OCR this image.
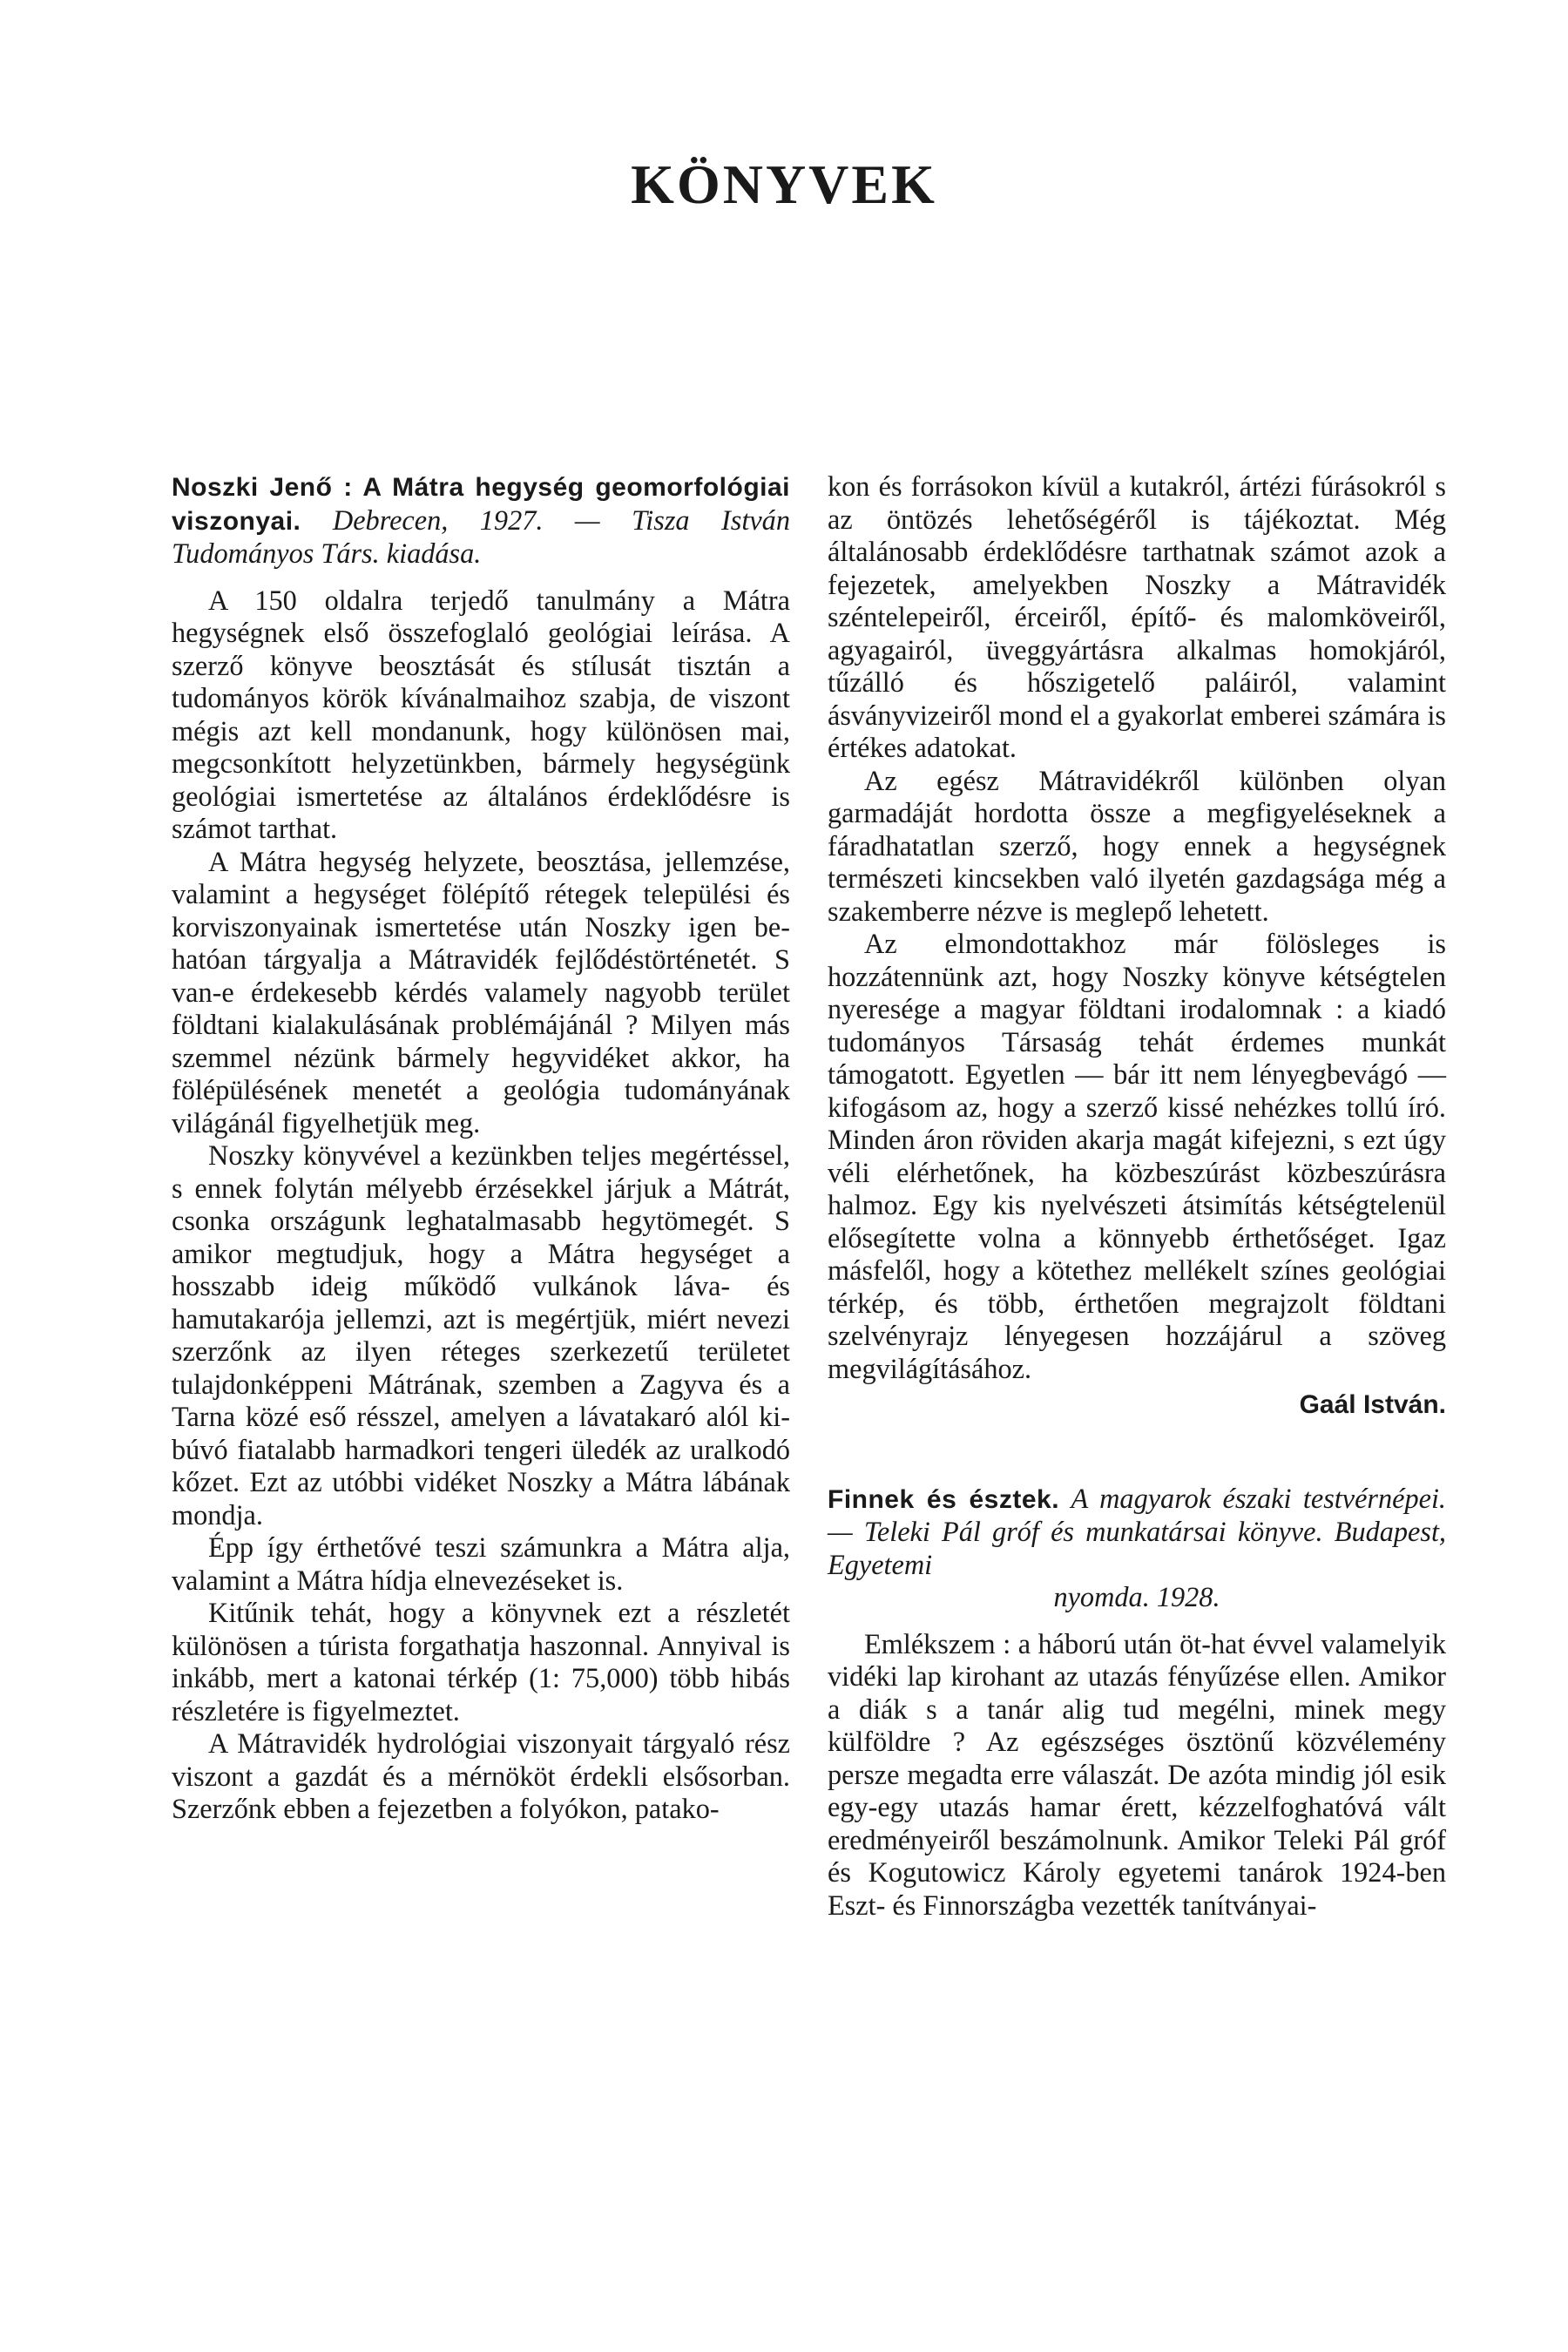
KÖNYVEK
Noszki Jenő : A Mátra hegység geomorfológiai viszonyai. Debrecen, 1927. — Tisza István Tudományos Társ. kiadása.

A 150 oldalra terjedő tanulmány a Mátra hegységnek első összefoglaló geológiai leírása. A szerző könyve beosztását és stílusát tisztán a tudományos körök kívánalmaihoz szabja, de viszont mégis azt kell mondanunk, hogy különösen mai, megcsonkított helyzetünkben, bármely hegységünk geológiai ismertetése az általános érdeklődésre is számot tarthat.

A Mátra hegység helyzete, beosztása, jellemzése, valamint a hegységet fölépítő rétegek települési és korviszonyainak ismertetése után Noszky igen behatóan tárgyalja a Mátravidék fejlődéstörténetét. S van-e érdekesebb kérdés valamely nagyobb terület földtani kialakulásának problémájánál ? Milyen más szemmel nézünk bármely hegyvidéket akkor, ha fölépülésének menetét a geológia tudományának világánál figyelhetjük meg.

Noszky könyvével a kezünkben teljes megértéssel, s ennek folytán mélyebb érzésekkel járjuk a Mátrát, csonka országunk leghatalmasabb hegytömegét. S amikor megtudjuk, hogy a Mátra hegységet a hosszabb ideig működő vulkánok láva- és hamutakarója jellemzi, azt is megértjük, miért nevezi szerzőnk az ilyen réteges szerkezetű területet tulajdonképpeni Mátrának, szemben a Zagyva és a Tarna közé eső résszel, amelyen a lávatakaró alól kibúvó fiatalabb harmadkori tengeri üledék az uralkodó kőzet. Ezt az utóbbi vidéket Noszky a Mátra lábának mondja.

Épp így érthetővé teszi számunkra a Mátra alja, valamint a Mátra hídja elnevezéseket is.

Kitűnik tehát, hogy a könyvnek ezt a részletét különösen a túrista forgathatja haszonnal. Annyival is inkább, mert a katonai térkép (1: 75,000) több hibás részletére is figyelmeztet.

A Mátravidék hydrológiai viszonyait tárgyaló rész viszont a gazdát és a mérnököt érdekli elsősorban. Szerzőnk ebben a fejezetben a folyókon, patako-

kon és forrásokon kívül a kutakról, ártézi fúrásokról s az öntözés lehetőségéről is tájékoztat. Még általánosabb érdeklődésre tarthatnak számot azok a fejezetek, amelyekben Noszky a Mátravidék széntelepeiről, érceiről, építő- és malomköveiről, agyagairól, üveggyártásra alkalmas homokjáról, tűzálló és hőszigetelő paláiról, valamint ásványvizeiről mond el a gyakorlat emberei számára is értékes adatokat.

Az egész Mátravidékről különben olyan garmadáját hordotta össze a megfigyeléseknek a fáradhatatlan szerző, hogy ennek a hegységnek természeti kincsekben való ilyetén gazdagsága még a szakemberre nézve is meglepő lehetett.

Az elmondottakhoz már fölösleges is hozzátennünk azt, hogy Noszky könyve kétségtelen nyeresége a magyar földtani irodalomnak : a kiadó tudományos Társaság tehát érdemes munkát támogatott. Egyetlen — bár itt nem lényegbevágó — kifogásom az, hogy a szerző kissé nehézkes tollú író. Minden áron röviden akarja magát kifejezni, s ezt úgy véli elérhetőnek, ha közbeszúrást közbeszúrásra halmoz. Egy kis nyelvészeti átsimítás kétségtelenül elősegítette volna a könnyebb érthetőséget. Igaz másfelől, hogy a kötethez mellékelt színes geológiai térkép, és több, érthetően megrajzolt földtani szelvényrajz lényegesen hozzájárul a szöveg megvilágításához.

Gaál István.
Finnek és észtek. A magyarok északi testvérnépei. — Teleki Pál gróf és munkatársai könyve. Budapest, Egyetemi
nyomda. 1928.

Emlékszem : a háború után öt-hat évvel valamelyik vidéki lap kirohant az utazás fényűzése ellen. Amikor a diák s a tanár alig tud megélni, minek megy külföldre ? Az egészséges ösztönű közvélemény persze megadta erre válaszát. De azóta mindig jól esik egy-egy utazás hamar érett, kézzelfoghatóvá vált eredményeiről beszámolnunk. Amikor Teleki Pál gróf és Kogutowicz Károly egyetemi tanárok 1924-ben Eszt- és Finnországba vezették tanítványai-
